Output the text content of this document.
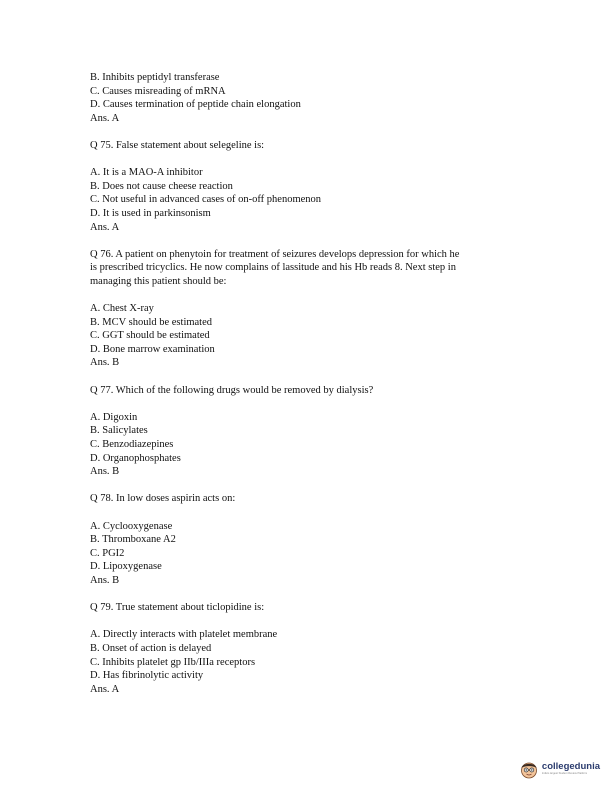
B. Inhibits peptidyl transferase
C. Causes misreading of mRNA
D. Causes termination of peptide chain elongation
Ans. A
Q 75. False statement about selegeline is:
A. It is a MAO-A inhibitor
B. Does not cause cheese reaction
C. Not useful in advanced cases of on-off phenomenon
D. It is used in parkinsonism
Ans. A
Q 76. A patient on phenytoin for treatment of seizures develops depression for which he
is prescribed tricyclics. He now complains of lassitude and his Hb reads 8. Next step in
managing this patient should be:
A. Chest X-ray
B. MCV should be estimated
C. GGT should be estimated
D. Bone marrow examination
Ans. B
Q 77. Which of the following drugs would be removed by dialysis?
A. Digoxin
B. Salicylates
C. Benzodiazepines
D. Organophosphates
Ans. B
Q 78. In low doses aspirin acts on:
A. Cyclooxygenase
B. Thromboxane A2
C. PGI2
D. Lipoxygenase
Ans. B
Q 79. True statement about ticlopidine is:
A. Directly interacts with platelet membrane
B. Onset of action is delayed
C. Inhibits platelet gp IIb/IIIa receptors
D. Has fibrinolytic activity
Ans. A
collegedunia
India's largest Student Review Platform
